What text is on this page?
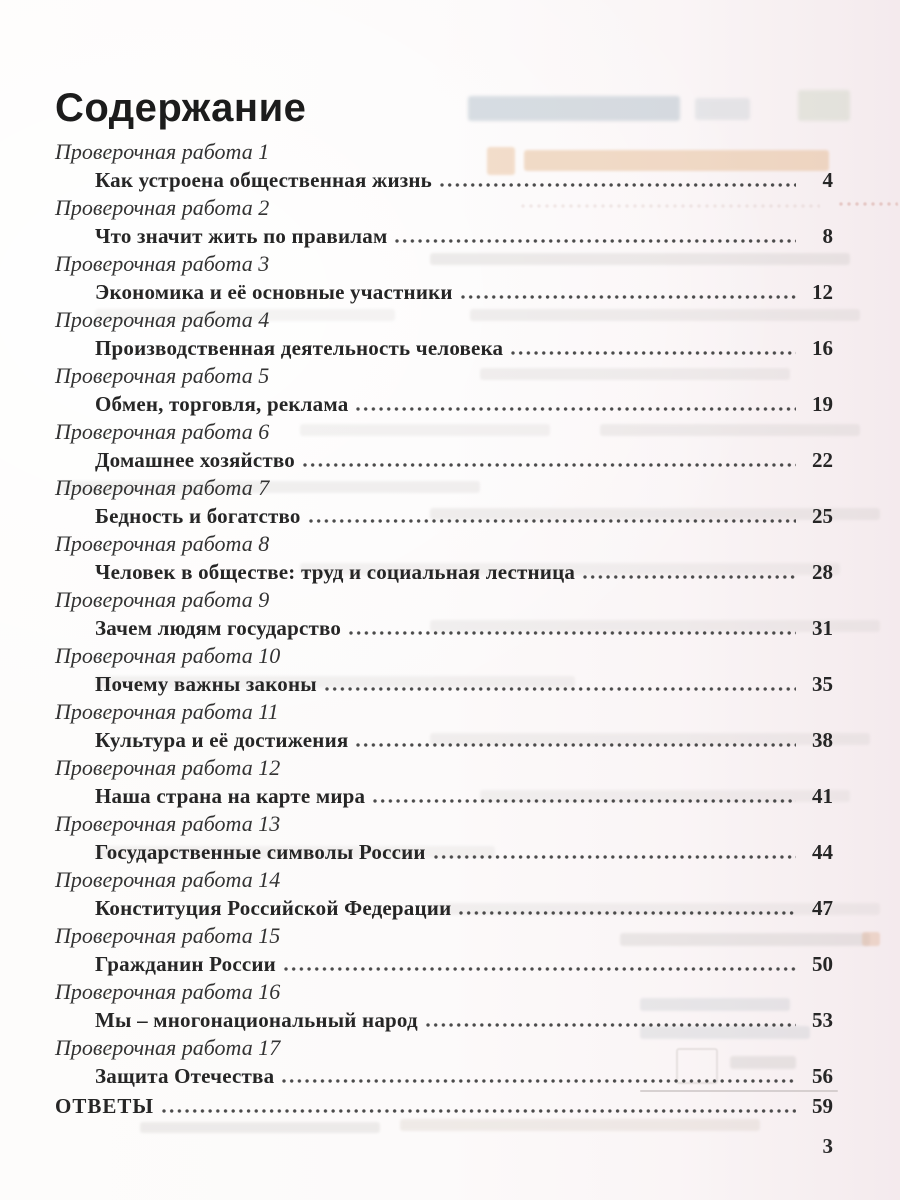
Содержание
Проверочная работа 1
Как устроена общественная жизнь	4
Проверочная работа 2
Что значит жить по правилам	8
Проверочная работа 3
Экономика и её основные участники	12
Проверочная работа 4
Производственная деятельность человека	16
Проверочная работа 5
Обмен, торговля, реклама	19
Проверочная работа 6
Домашнее хозяйство	22
Проверочная работа 7
Бедность и богатство	25
Проверочная работа 8
Человек в обществе: труд и социальная лестница	28
Проверочная работа 9
Зачем людям государство	31
Проверочная работа 10
Почему важны законы	35
Проверочная работа 11
Культура и её достижения	38
Проверочная работа 12
Наша страна на карте мира	41
Проверочная работа 13
Государственные символы России	44
Проверочная работа 14
Конституция Российской Федерации	47
Проверочная работа 15
Гражданин России	50
Проверочная работа 16
Мы – многонациональный народ	53
Проверочная работа 17
Защита Отечества	56
ОТВЕТЫ	59
3
